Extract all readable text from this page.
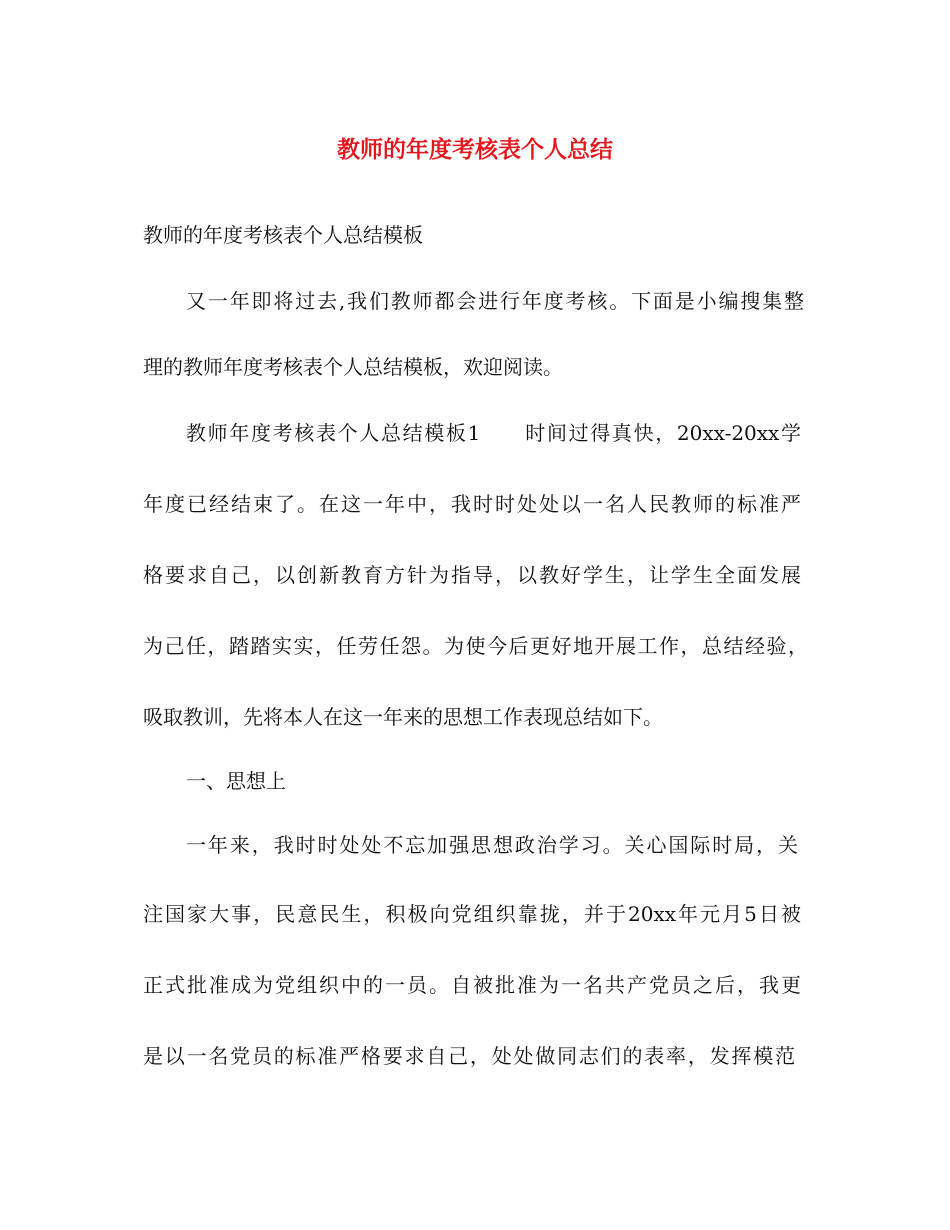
教师的年度考核表个人总结
教师的年度考核表个人总结模板
又一年即将过去,我们教师都会进行年度考核。下面是小编搜集整
理的教师年度考核表个人总结模板，欢迎阅读。
教师年度考核表个人总结模板1　　时间过得真快，20xx-20xx学
年度已经结束了。在这一年中，我时时处处以一名人民教师的标准严
格要求自己，以创新教育方针为指导，以教好学生，让学生全面发展
为己任，踏踏实实，任劳任怨。为使今后更好地开展工作，总结经验，
吸取教训，先将本人在这一年来的思想工作表现总结如下。
一、思想上
一年来，我时时处处不忘加强思想政治学习。关心国际时局，关
注国家大事，民意民生，积极向党组织靠拢，并于20xx年元月5日被
正式批准成为党组织中的一员。自被批准为一名共产党员之后，我更
是以一名党员的标准严格要求自己，处处做同志们的表率，发挥模范
